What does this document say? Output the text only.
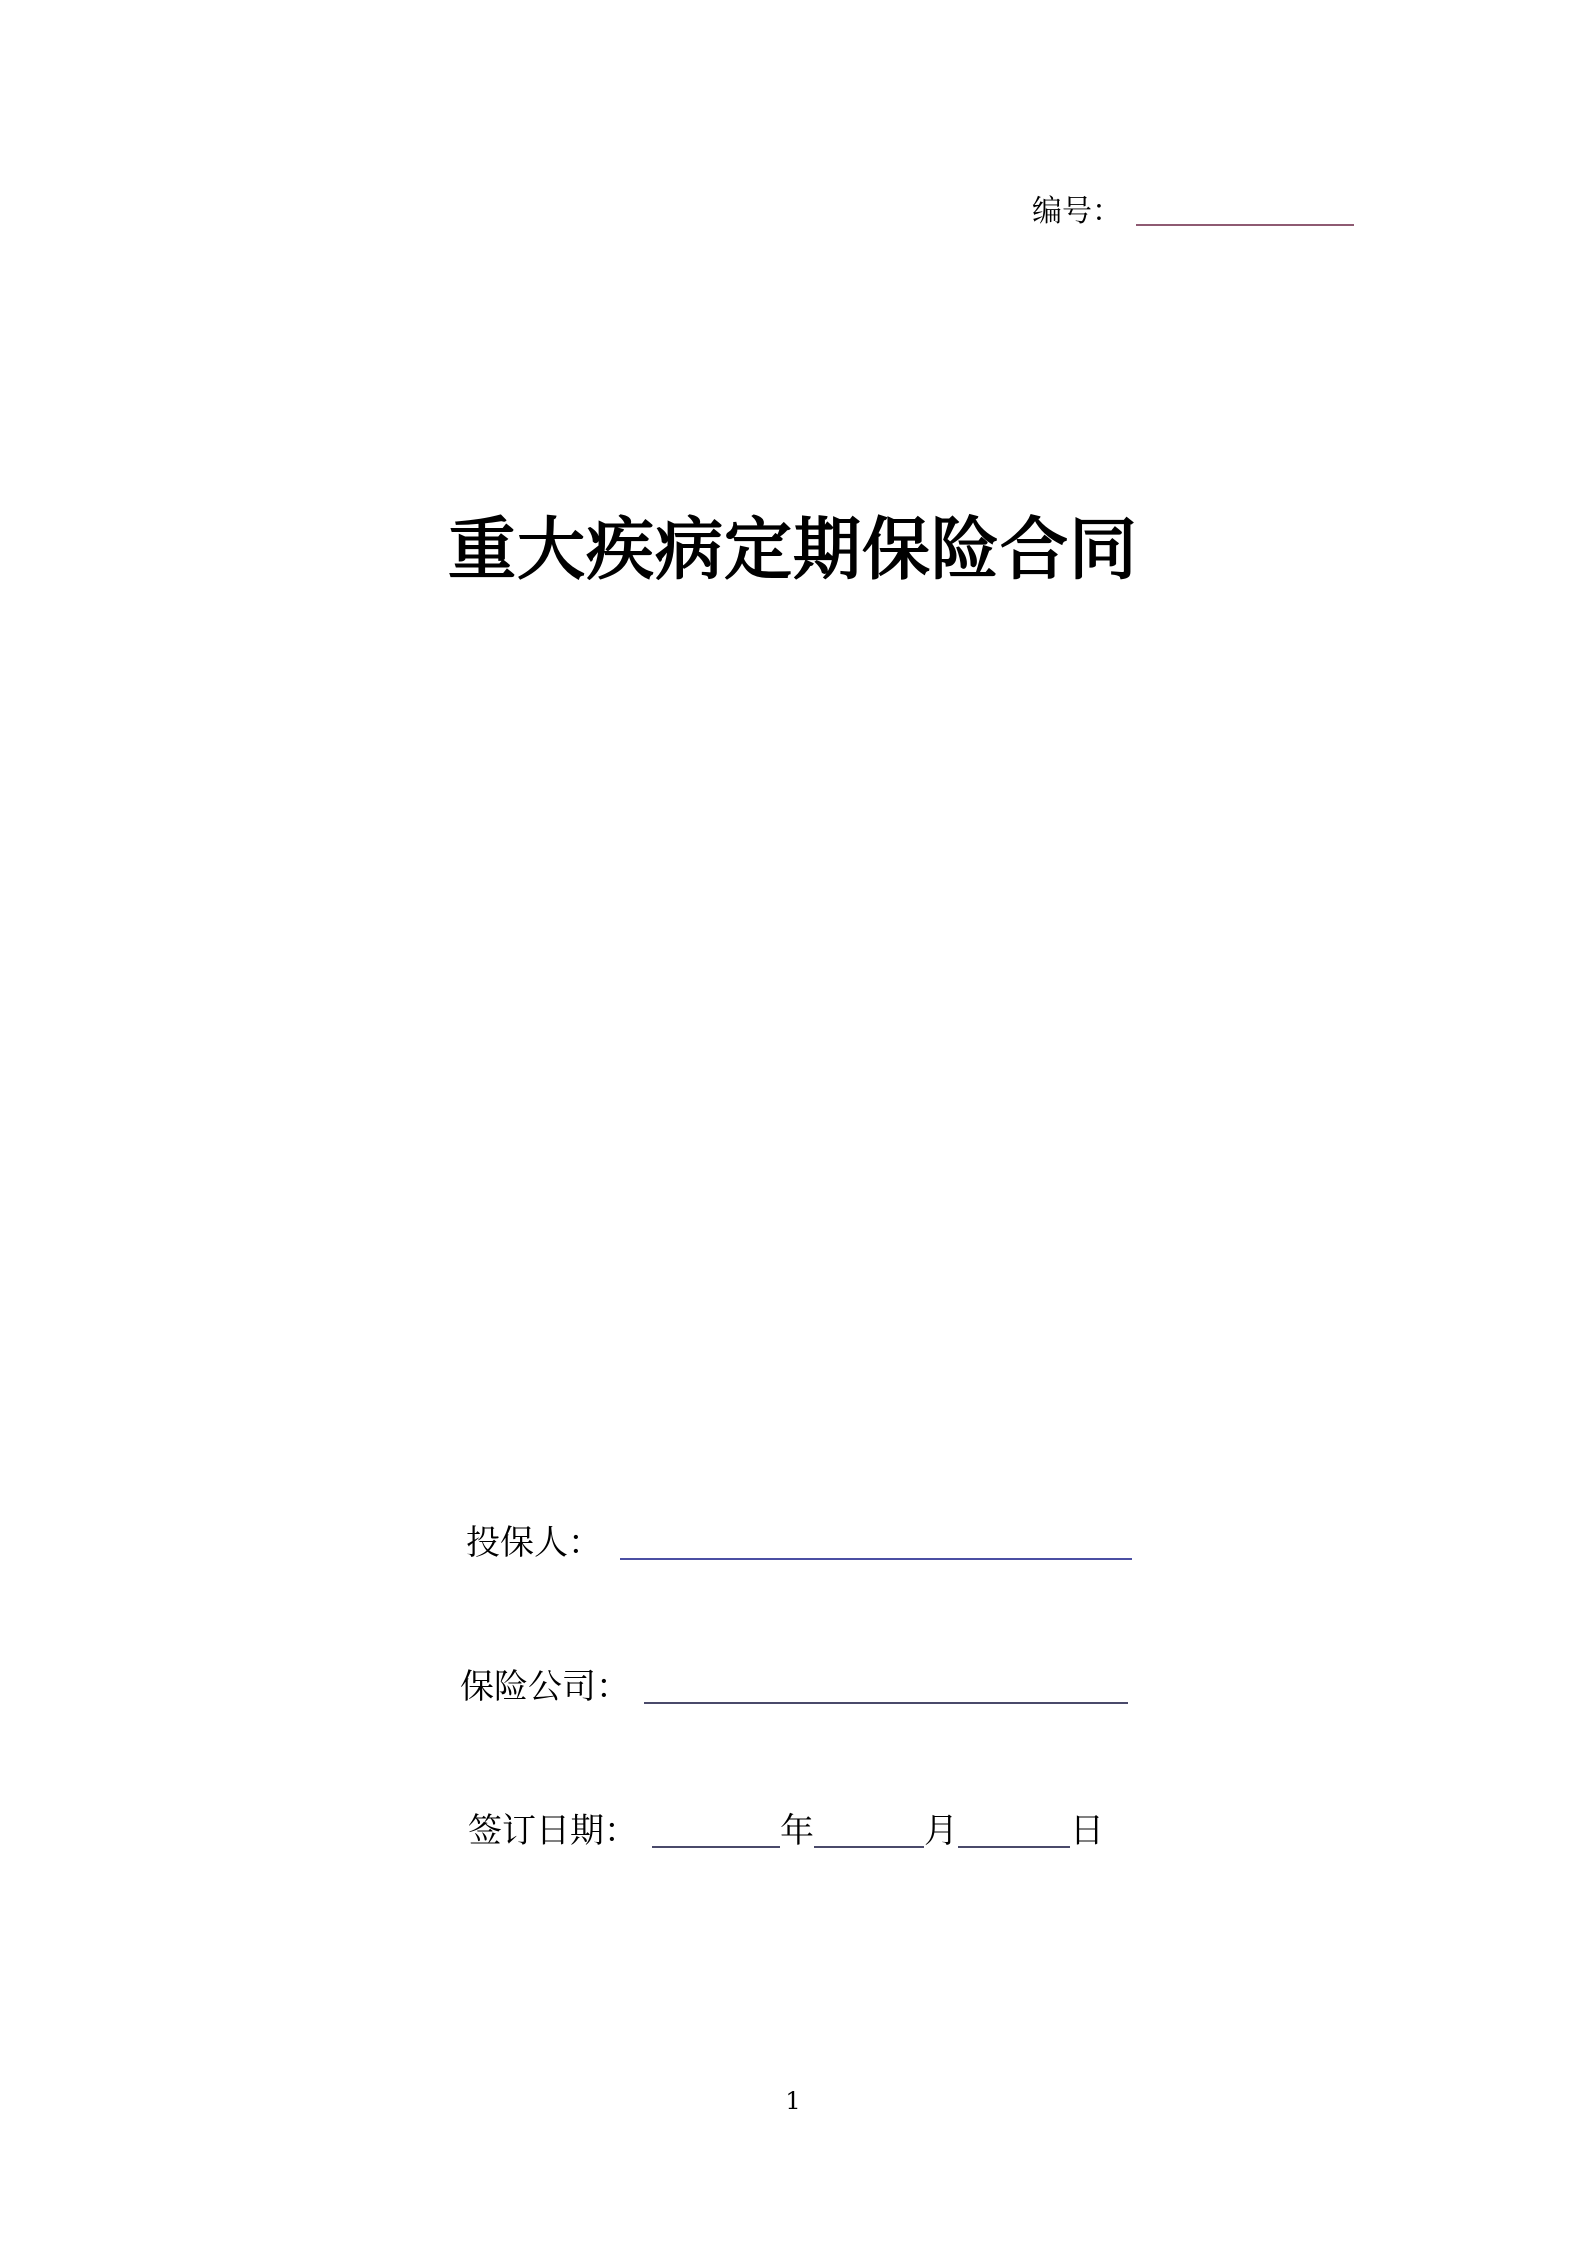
编号：
重大疾病定期保险合同
投保人：
保险公司：
签订日期：	年	月	日
1
